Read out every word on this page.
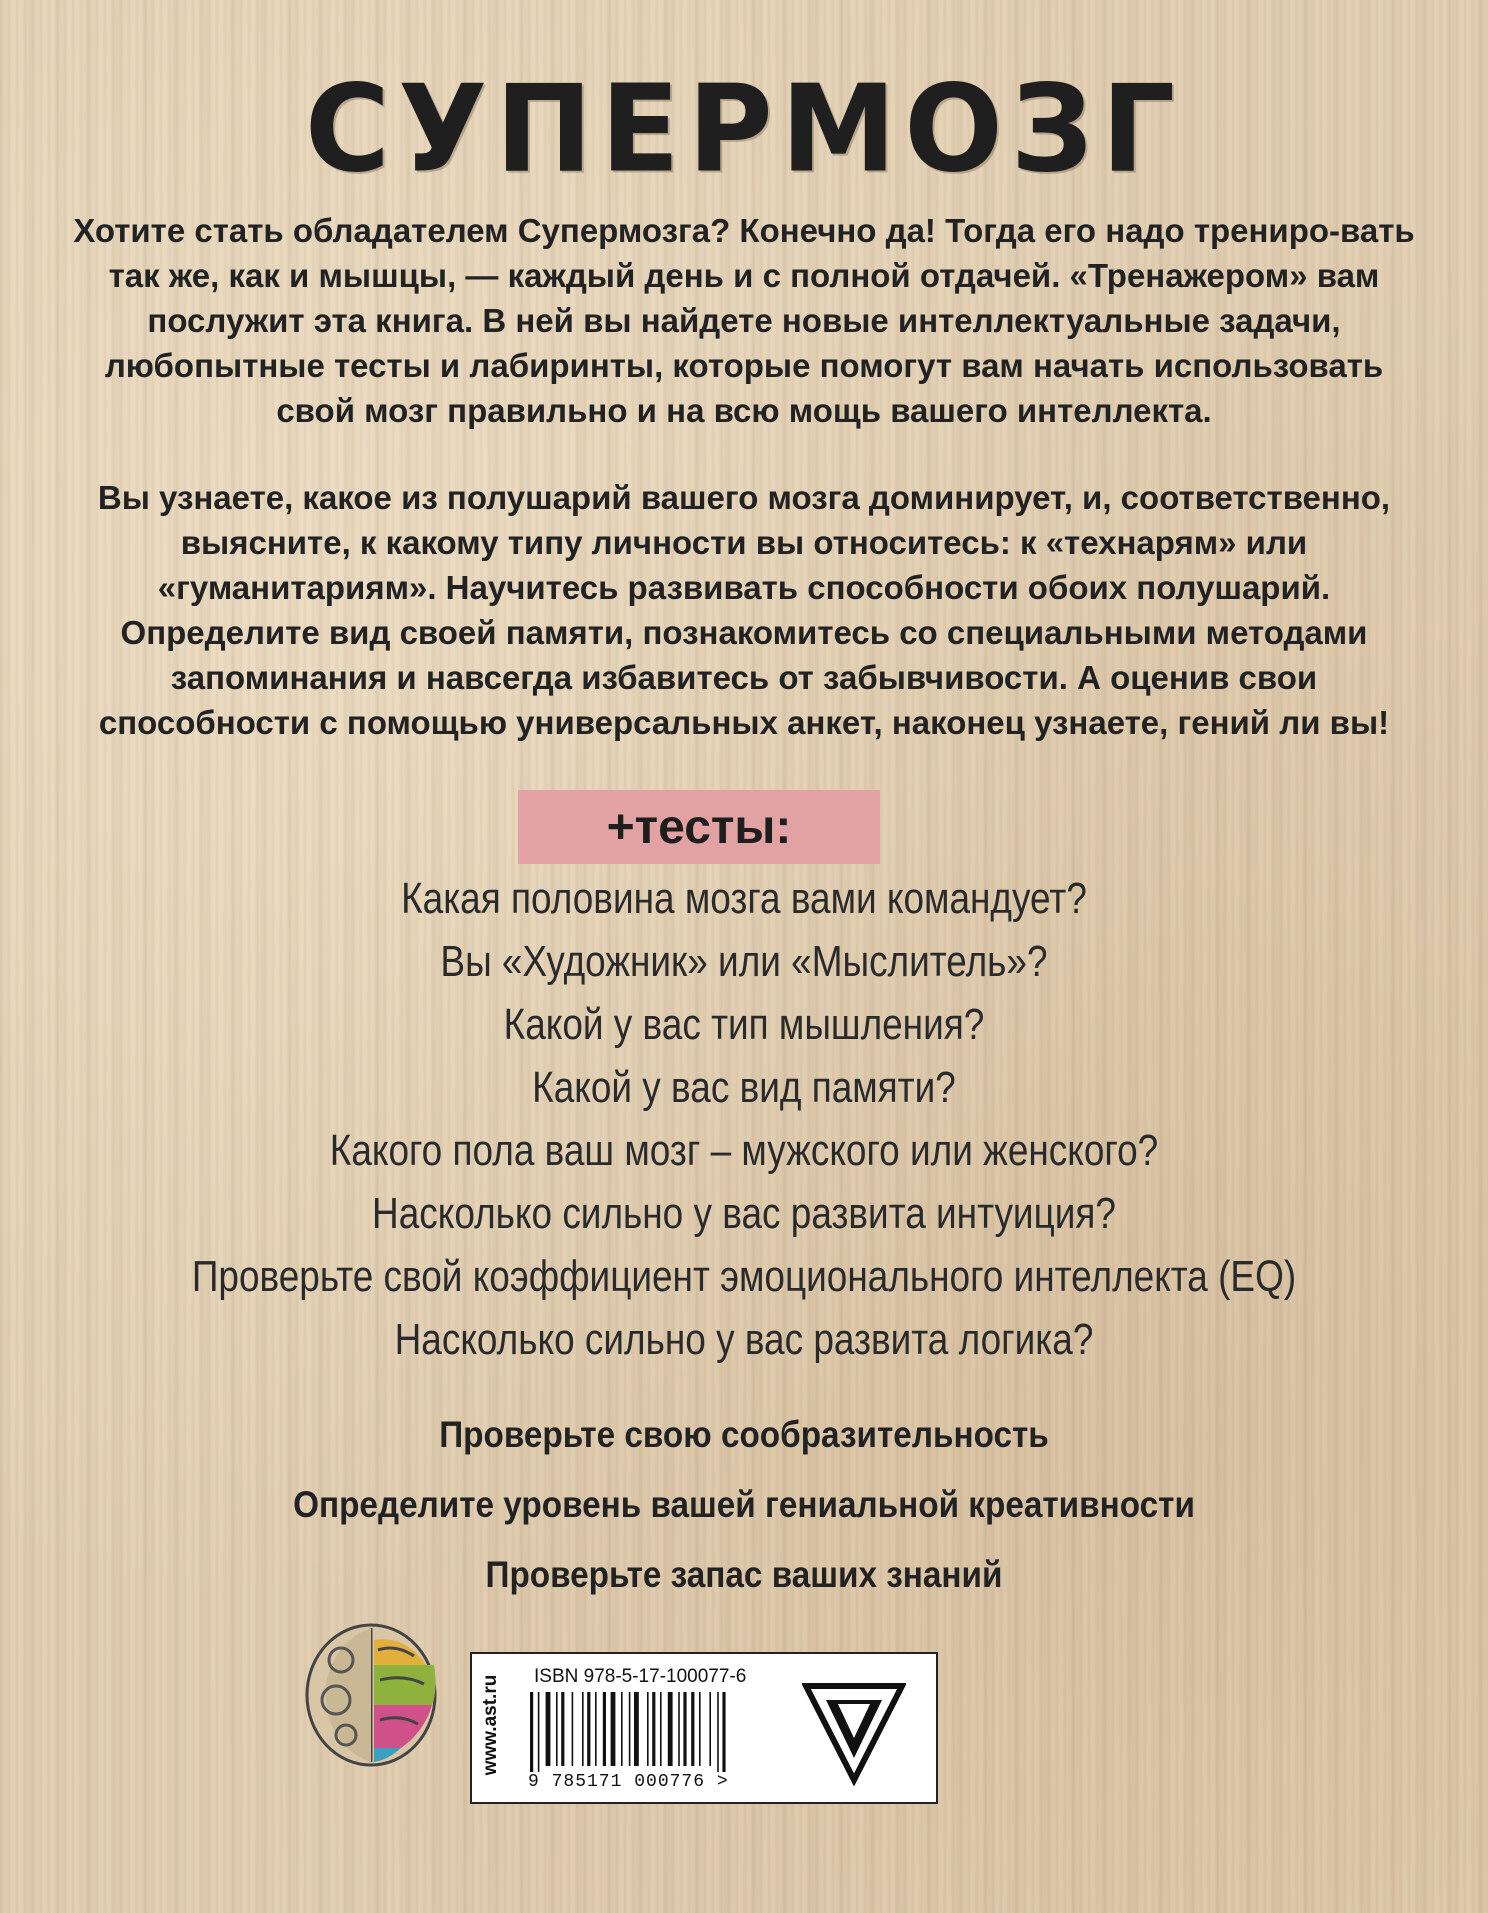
СУПЕРМОЗГ

Хотите стать обладателем Супермозга? Конечно да! Тогда его надо трениро-вать так же, как и мышцы, — каждый день и с полной отдачей. «Тренажером» вам послужит эта книга. В ней вы найдете новые интеллектуальные задачи, любопытные тесты и лабиринты, которые помогут вам начать использовать свой мозг правильно и на всю мощь вашего интеллекта.

Вы узнаете, какое из полушарий вашего мозга доминирует, и, соответственно, выясните, к какому типу личности вы относитесь: к «технарям» или «гуманитариям». Научитесь развивать способности обоих полушарий. Определите вид своей памяти, познакомитесь со специальными методами запоминания и навсегда избавитесь от забывчивости. А оценив свои способности с помощью универсальных анкет, наконец узнаете, гений ли вы!

+тесты:
Какая половина мозга вами командует?
Вы «Художник» или «Мыслитель»?
Какой у вас тип мышления?
Какой у вас вид памяти?
Какого пола ваш мозг – мужского или женского?
Насколько сильно у вас развита интуиция?
Проверьте свой коэффициент эмоционального интеллекта (EQ)
Насколько сильно у вас развита логика?
Проверьте свою сообразительность
Определите уровень вашей гениальной креативности
Проверьте запас ваших знаний
www.ast.ru ISBN 978-5-17-100077-6
9 785171 000776 >
